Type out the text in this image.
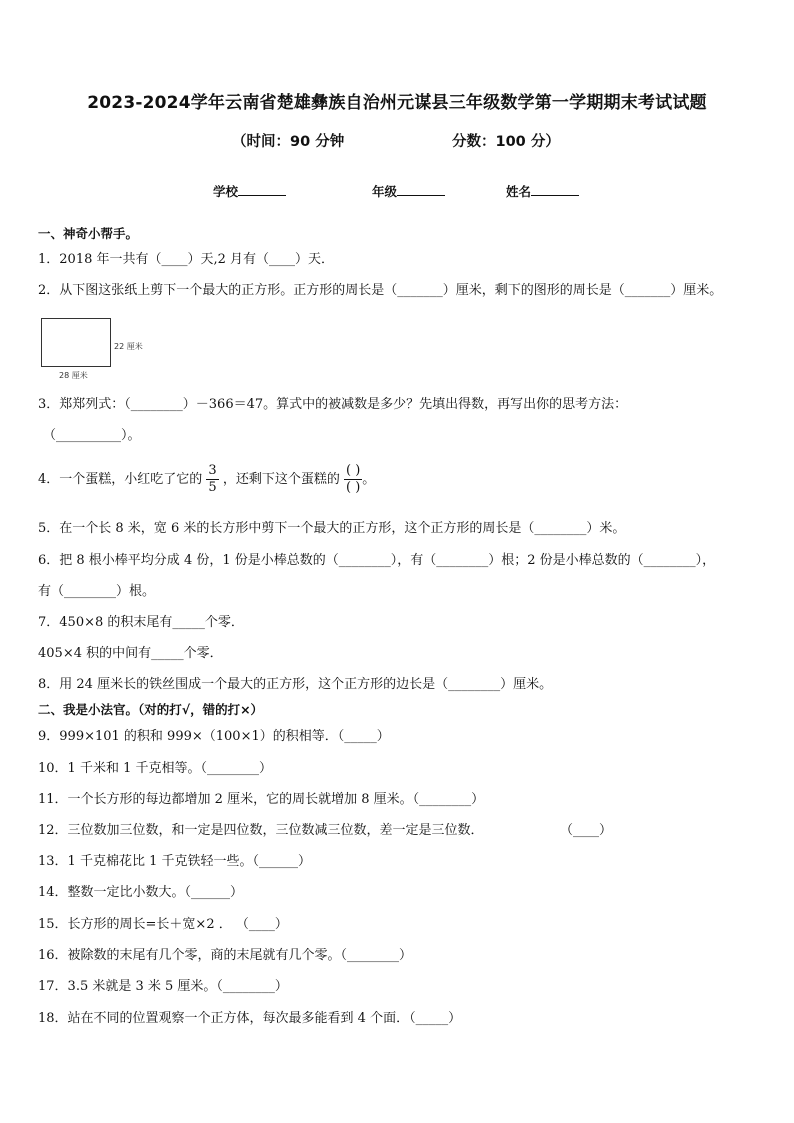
2023-2024学年云南省楚雄彝族自治州元谋县三年级数学第一学期期末考试试题
（时间：90 分钟	分数：100 分）
学校	年级	姓名
一、神奇小帮手。
1．2018 年一共有（____）天,2 月有（____）天．
2．从下图这张纸上剪下一个最大的正方形。正方形的周长是（_______）厘米，剩下的图形的周长是（_______）厘米。
22 厘米
28 厘米
3．郑郑列式：（________）－366＝47。算式中的被减数是多少？先填出得数，再写出你的思考方法：
（__________）。
4．一个蛋糕，小红吃了它的 $\frac{3}{5}$ ，还剩下这个蛋糕的 $\frac{( )}{( )}$ 。
5．在一个长 8 米，宽 6 米的长方形中剪下一个最大的正方形，这个正方形的周长是（________）米。
6．把 8 根小棒平均分成 4 份，1 份是小棒总数的（________），有（________）根；2 份是小棒总数的（________），
有（________）根。
7．450×8 的积末尾有_____个零．
405×4 积的中间有_____个零．
8．用 24 厘米长的铁丝围成一个最大的正方形，这个正方形的边长是（________）厘米。
二、我是小法官。（对的打√，错的打×）
9．999×101 的积和 999×（100×1）的积相等．（_____）
10．1 千米和 1 千克相等。（________）
11．一个长方形的每边都增加 2 厘米，它的周长就增加 8 厘米。（________）
12．三位数加三位数，和一定是四位数，三位数减三位数，差一定是三位数．	（____）
13．1 千克棉花比 1 千克铁轻一些。（______）
14．整数一定比小数大。（______）
15．长方形的周长=长＋宽×2 ． （____）
16．被除数的末尾有几个零，商的末尾就有几个零。（________）
17．3.5 米就是 3 米 5 厘米。（________）
18．站在不同的位置观察一个正方体，每次最多能看到 4 个面．（_____）
